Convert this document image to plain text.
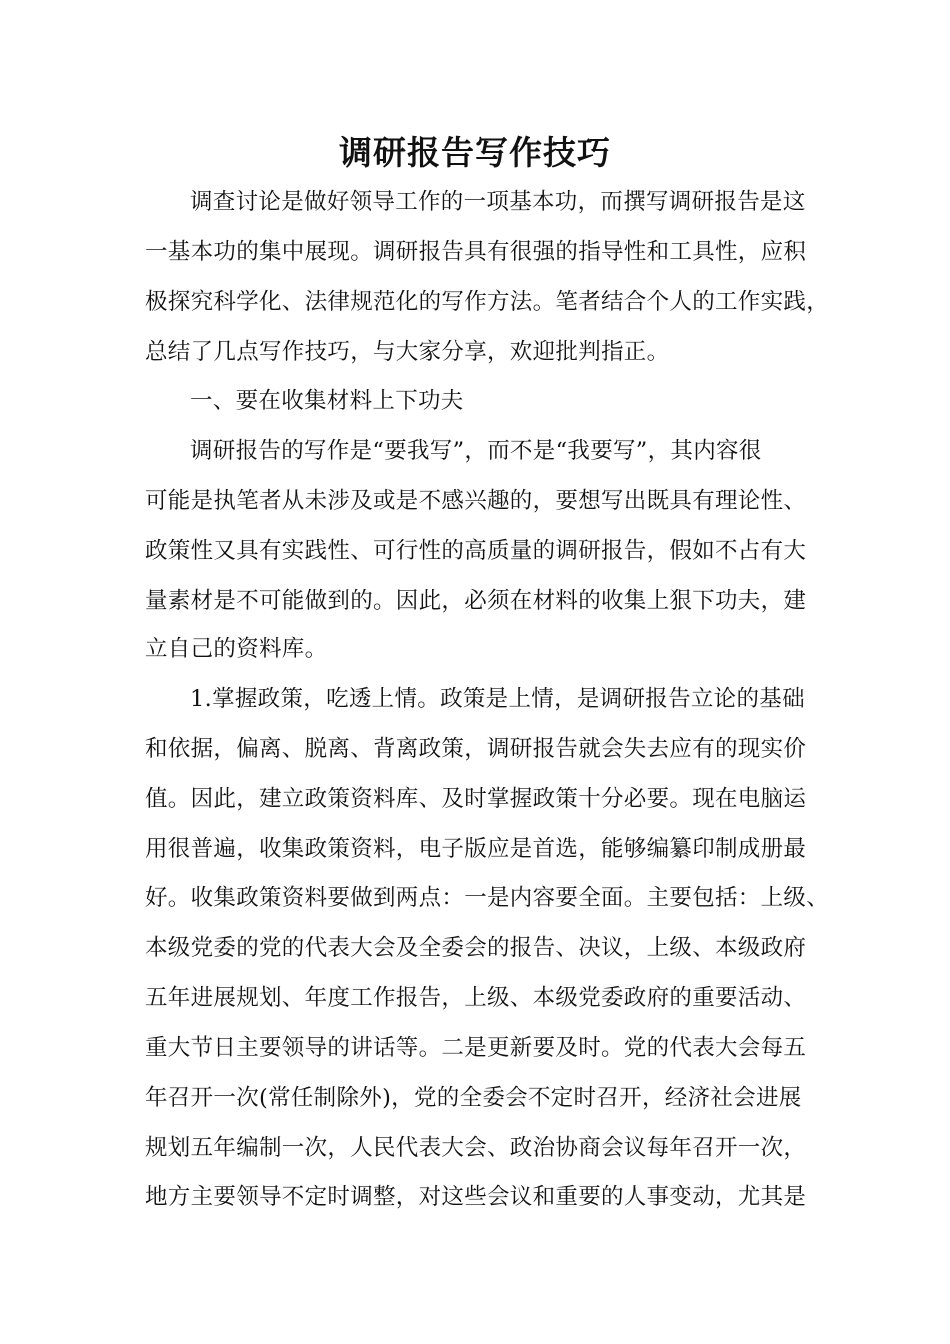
调研报告写作技巧
调查讨论是做好领导工作的一项基本功，而撰写调研报告是这
一基本功的集中展现。调研报告具有很强的指导性和工具性，应积
极探究科学化、法律规范化的写作方法。笔者结合个人的工作实践，
总结了几点写作技巧，与大家分享，欢迎批判指正。
一、要在收集材料上下功夫
调研报告的写作是“要我写”，而不是“我要写”，其内容很
可能是执笔者从未涉及或是不感兴趣的，要想写出既具有理论性、
政策性又具有实践性、可行性的高质量的调研报告，假如不占有大
量素材是不可能做到的。因此，必须在材料的收集上狠下功夫，建
立自己的资料库。
1.掌握政策，吃透上情。政策是上情，是调研报告立论的基础
和依据，偏离、脱离、背离政策，调研报告就会失去应有的现实价
值。因此，建立政策资料库、及时掌握政策十分必要。现在电脑运
用很普遍，收集政策资料，电子版应是首选，能够编纂印制成册最
好。收集政策资料要做到两点：一是内容要全面。主要包括：上级、
本级党委的党的代表大会及全委会的报告、决议，上级、本级政府
五年进展规划、年度工作报告，上级、本级党委政府的重要活动、
重大节日主要领导的讲话等。二是更新要及时。党的代表大会每五
年召开一次(常任制除外)，党的全委会不定时召开，经济社会进展
规划五年编制一次，人民代表大会、政治协商会议每年召开一次，
地方主要领导不定时调整，对这些会议和重要的人事变动，尤其是
